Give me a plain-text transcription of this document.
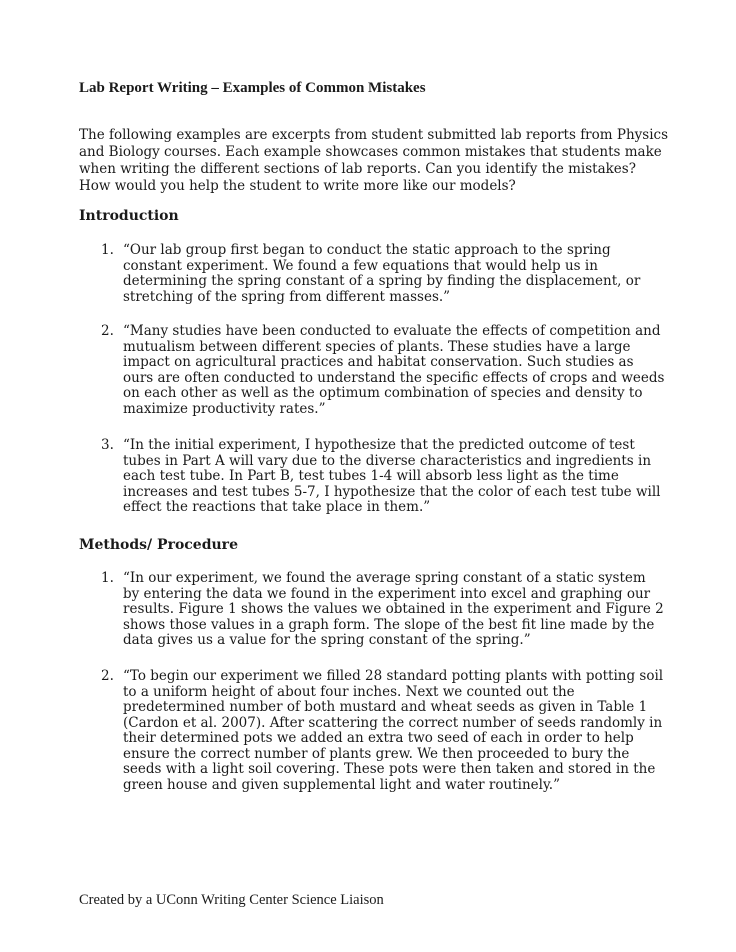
Lab Report Writing – Examples of Common Mistakes
The following examples are excerpts from student submitted lab reports from Physics and Biology courses. Each example showcases common mistakes that students make when writing the different sections of lab reports. Can you identify the mistakes? How would you help the student to write more like our models?
Introduction
1. “Our lab group first began to conduct the static approach to the spring constant experiment. We found a few equations that would help us in determining the spring constant of a spring by finding the displacement, or stretching of the spring from different masses.”
2. “Many studies have been conducted to evaluate the effects of competition and mutualism between different species of plants. These studies have a large impact on agricultural practices and habitat conservation. Such studies as ours are often conducted to understand the specific effects of crops and weeds on each other as well as the optimum combination of species and density to maximize productivity rates.”
3. “In the initial experiment, I hypothesize that the predicted outcome of test tubes in Part A will vary due to the diverse characteristics and ingredients in each test tube. In Part B, test tubes 1-4 will absorb less light as the time increases and test tubes 5-7, I hypothesize that the color of each test tube will effect the reactions that take place in them.”
Methods/ Procedure
1. “In our experiment, we found the average spring constant of a static system by entering the data we found in the experiment into excel and graphing our results. Figure 1 shows the values we obtained in the experiment and Figure 2 shows those values in a graph form. The slope of the best fit line made by the data gives us a value for the spring constant of the spring.”
2. “To begin our experiment we filled 28 standard potting plants with potting soil to a uniform height of about four inches. Next we counted out the predetermined number of both mustard and wheat seeds as given in Table 1 (Cardon et al. 2007). After scattering the correct number of seeds randomly in their determined pots we added an extra two seed of each in order to help ensure the correct number of plants grew. We then proceeded to bury the seeds with a light soil covering. These pots were then taken and stored in the green house and given supplemental light and water routinely.”
Created by a UConn Writing Center Science Liaison
